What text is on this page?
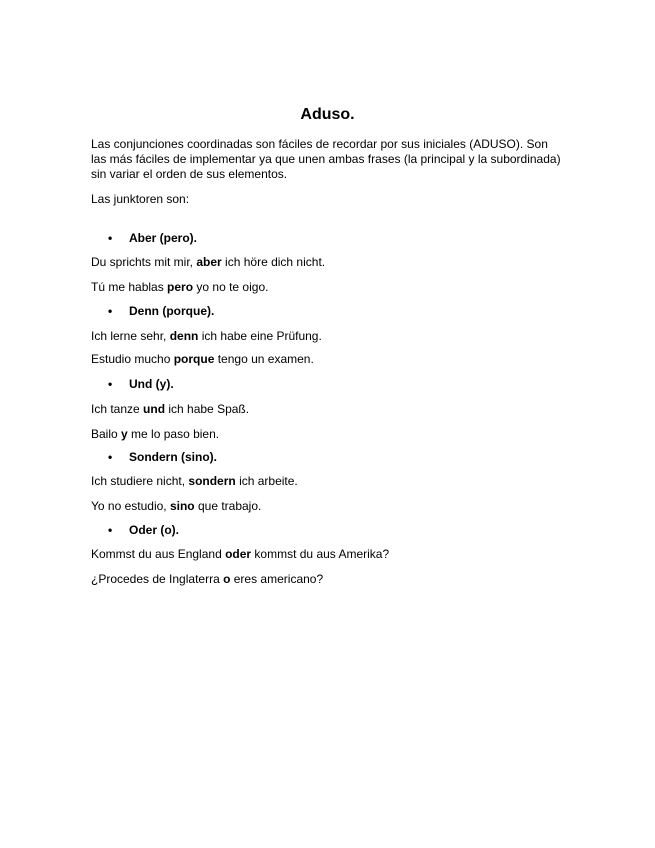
Aduso.
Las conjunciones coordinadas son fáciles de recordar por sus iniciales (ADUSO). Son las más fáciles de implementar ya que unen ambas frases (la principal y la subordinada) sin variar el orden de sus elementos.
Las junktoren son:
• Aber (pero).
Du sprichts mit mir, aber ich höre dich nicht.
Tú me hablas pero yo no te oigo.
• Denn (porque).
Ich lerne sehr, denn ich habe eine Prüfung.
Estudio mucho porque tengo un examen.
• Und (y).
Ich tanze und ich habe Spaß.
Bailo y me lo paso bien.
• Sondern (sino).
Ich studiere nicht, sondern ich arbeite.
Yo no estudio, sino que trabajo.
• Oder (o).
Kommst du aus England oder kommst du aus Amerika?
¿Procedes de Inglaterra o eres americano?
